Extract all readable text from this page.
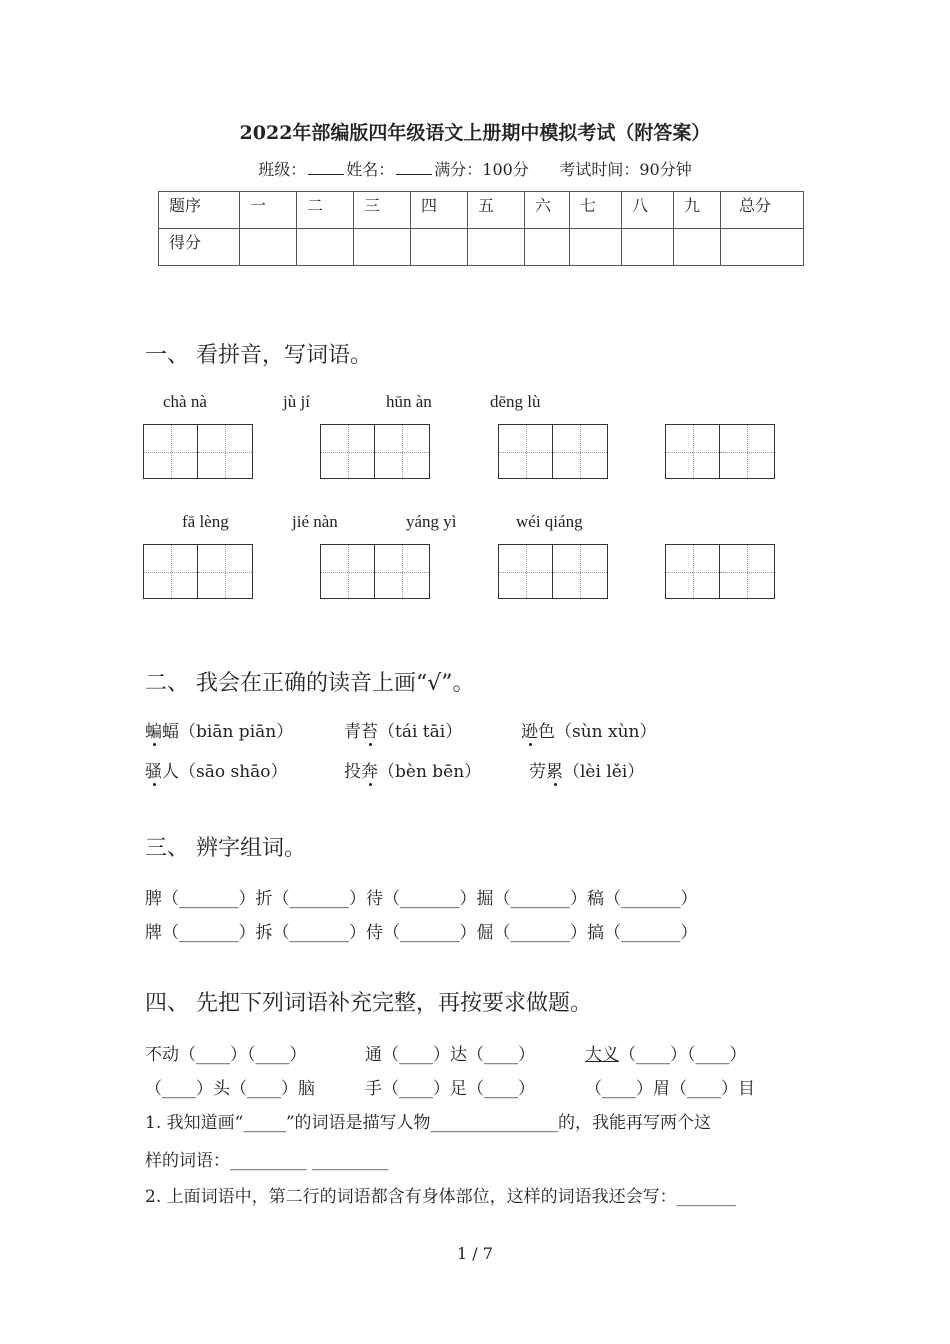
2022年部编版四年级语文上册期中模拟考试（附答案）
班级：	姓名：	满分：100分 考试时间：90分钟
题序	一	二	三	四	五	六	七	八	九	总分
得分										
一、 看拼音，写词语。
chà nà	jù jí	hūn àn	dēng lù
fā lèng	jié nàn	yáng yì	wéi qiáng
二、 我会在正确的读音上画“√”。
蝙蝠（biān piān）	青苔（tái tāi）	逊色（sùn xùn）
骚人（sāo shāo）	投奔（bèn bēn）	劳累（lèi lěi）
三、 辨字组词。
脾（_______）折（_______）待（_______）掘（_______）稿（_______）
牌（_______）拆（_______）侍（_______）倔（_______）搞（_______）
四、 先把下列词语补充完整，再按要求做题。
不动（____）（____）	通（____）达（____）	大义（____）（____）
（____）头（____）脑	手（____）足（____）	（____）眉（____）目
1. 我知道画“_____”的词语是描写人物_______________的，我能再写两个这
样的词语：_________ _________
2. 上面词语中，第二行的词语都含有身体部位，这样的词语我还会写：_______
1 / 7
